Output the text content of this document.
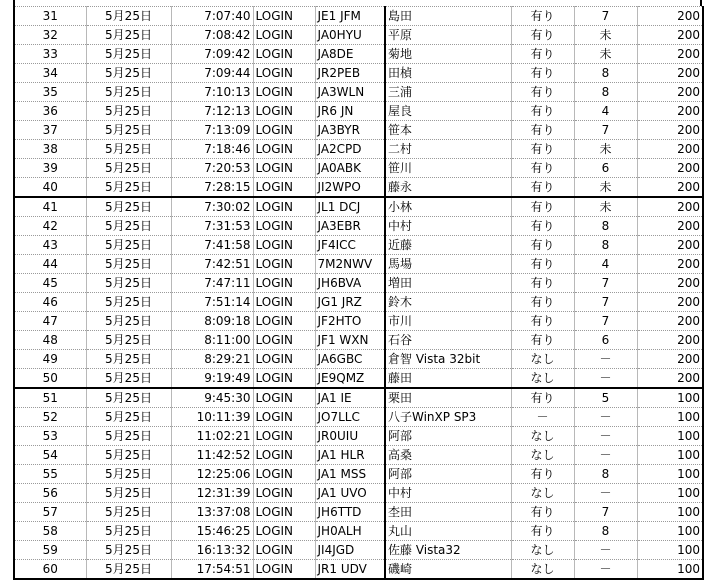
31	5月25日	7:07:40	LOGIN	JE1 JFM	島田	有り	7	200
32	5月25日	7:08:42	LOGIN	JA0HYU	平原	有り	未	200
33	5月25日	7:09:42	LOGIN	JA8DE	菊地	有り	未	200
34	5月25日	7:09:44	LOGIN	JR2PEB	田楨	有り	8	200
35	5月25日	7:10:13	LOGIN	JA3WLN	三浦	有り	8	200
36	5月25日	7:12:13	LOGIN	JR6 JN	屋良	有り	4	200
37	5月25日	7:13:09	LOGIN	JA3BYR	笹本	有り	7	200
38	5月25日	7:18:46	LOGIN	JA2CPD	二村	有り	未	200
39	5月25日	7:20:53	LOGIN	JA0ABK	笹川	有り	6	200
40	5月25日	7:28:15	LOGIN	JI2WPO	藤永	有り	未	200
41	5月25日	7:30:02	LOGIN	JL1 DCJ	小林	有り	未	200
42	5月25日	7:31:53	LOGIN	JA3EBR	中村	有り	8	200
43	5月25日	7:41:58	LOGIN	JF4ICC	近藤	有り	8	200
44	5月25日	7:42:51	LOGIN	7M2NWV	馬場	有り	4	200
45	5月25日	7:47:11	LOGIN	JH6BVA	増田	有り	7	200
46	5月25日	7:51:14	LOGIN	JG1 JRZ	鈴木	有り	7	200
47	5月25日	8:09:18	LOGIN	JF2HTO	市川	有り	7	200
48	5月25日	8:11:00	LOGIN	JF1 WXN	石谷	有り	6	200
49	5月25日	8:29:21	LOGIN	JA6GBC	倉智 Vista 32bit	なし	－	200
50	5月25日	9:19:49	LOGIN	JE9QMZ	藤田	なし	－	200
51	5月25日	9:45:30	LOGIN	JA1 IE	栗田	有り	5	100
52	5月25日	10:11:39	LOGIN	JO7LLC	八子WinXP SP3	－	－	100
53	5月25日	11:02:21	LOGIN	JR0UIU	阿部	なし	－	100
54	5月25日	11:42:52	LOGIN	JA1 HLR	高桑	なし	－	100
55	5月25日	12:25:06	LOGIN	JA1 MSS	阿部	有り	8	100
56	5月25日	12:31:39	LOGIN	JA1 UVO	中村	なし	－	100
57	5月25日	13:37:08	LOGIN	JH6TTD	杢田	有り	7	100
58	5月25日	15:46:25	LOGIN	JH0ALH	丸山	有り	8	100
59	5月25日	16:13:32	LOGIN	JI4JGD	佐藤 Vista32	なし	－	100
60	5月25日	17:54:51	LOGIN	JR1 UDV	磯崎	なし	－	100
